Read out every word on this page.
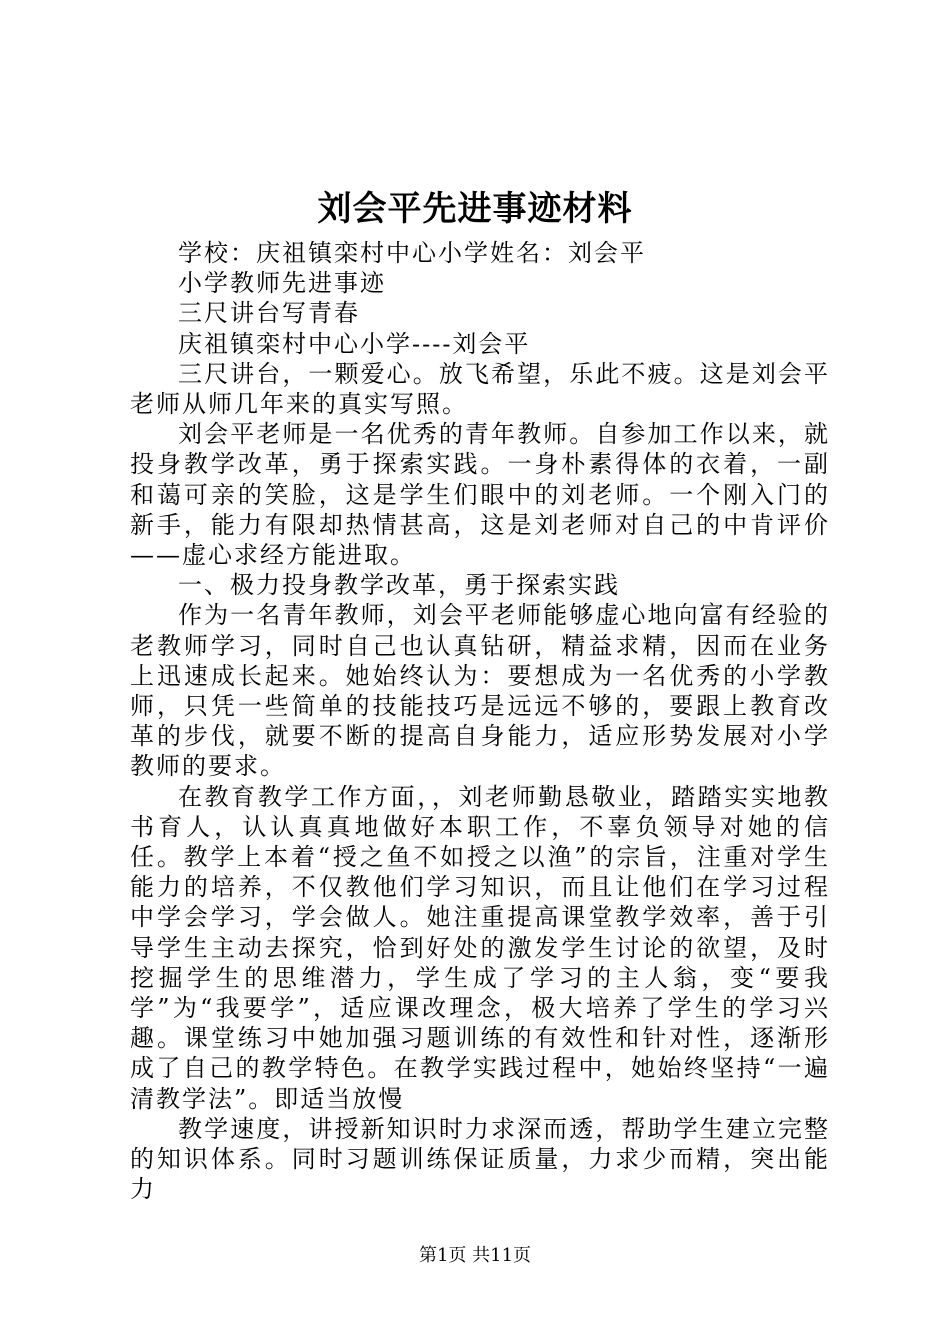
刘会平先进事迹材料

学校：庆祖镇栾村中心小学姓名：刘会平

小学教师先进事迹

三尺讲台写青春

庆祖镇栾村中心小学----刘会平

三尺讲台，一颗爱心。放飞希望，乐此不疲。这是刘会平老师从师几年来的真实写照。

刘会平老师是一名优秀的青年教师。自参加工作以来，就投身教学改革，勇于探索实践。一身朴素得体的衣着，一副和蔼可亲的笑脸，这是学生们眼中的刘老师。一个刚入门的新手，能力有限却热情甚高，这是刘老师对自己的中肯评价——虚心求经方能进取。

一、极力投身教学改革，勇于探索实践

作为一名青年教师，刘会平老师能够虚心地向富有经验的老教师学习，同时自己也认真钻研，精益求精，因而在业务上迅速成长起来。她始终认为：要想成为一名优秀的小学教师，只凭一些简单的技能技巧是远远不够的，要跟上教育改革的步伐，就要不断的提高自身能力，适应形势发展对小学教师的要求。

在教育教学工作方面，，刘老师勤恳敬业，踏踏实实地教书育人，认认真真地做好本职工作，不辜负领导对她的信任。教学上本着“授之鱼不如授之以渔”的宗旨，注重对学生能力的培养，不仅教他们学习知识，而且让他们在学习过程中学会学习，学会做人。她注重提高课堂教学效率，善于引导学生主动去探究，恰到好处的激发学生讨论的欲望，及时挖掘学生的思维潜力，学生成了学习的主人翁，变“要我学”为“我要学”，适应课改理念，极大培养了学生的学习兴趣。课堂练习中她加强习题训练的有效性和针对性，逐渐形成了自己的教学特色。在教学实践过程中，她始终坚持“一遍清教学法”。即适当放慢

教学速度，讲授新知识时力求深而透，帮助学生建立完整的知识体系。同时习题训练保证质量，力求少而精，突出能力

第1页 共11页
